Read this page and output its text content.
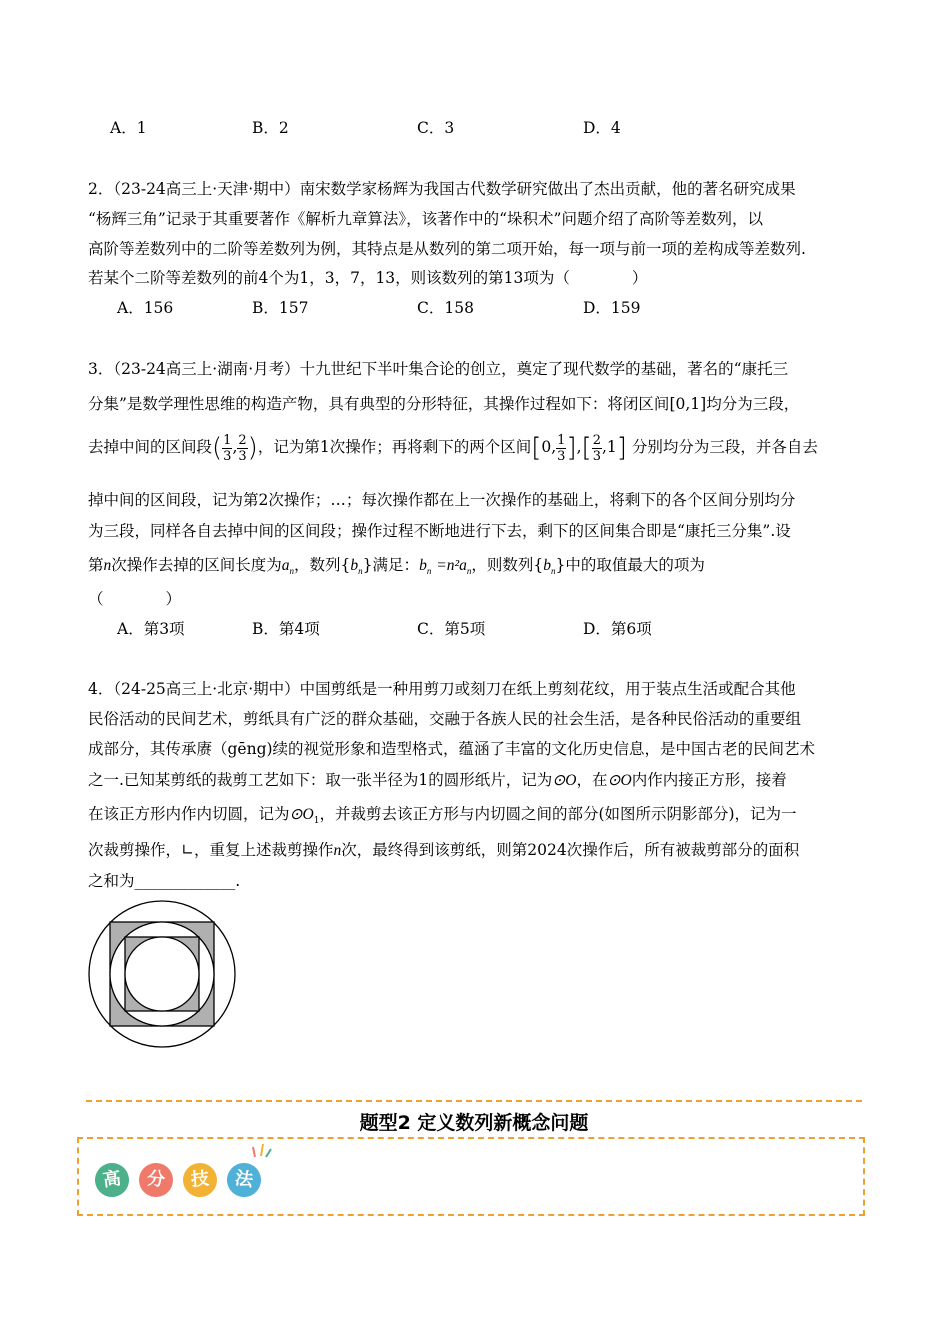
A．1	B．2	C．3	D．4
2．（23-24高三上·天津·期中）南宋数学家杨辉为我国古代数学研究做出了杰出贡献，他的著名研究成果
“杨辉三角”记录于其重要著作《解析九章算法》，该著作中的“垛积术”问题介绍了高阶等差数列，以
高阶等差数列中的二阶等差数列为例，其特点是从数列的第二项开始，每一项与前一项的差构成等差数列.
若某个二阶等差数列的前4个为1，3，7，13，则该数列的第13项为（　　　　）
A．156	B．157	C．158	D．159
3．（23-24高三上·湖南·月考）十九世纪下半叶集合论的创立，奠定了现代数学的基础，著名的“康托三
分集”是数学理性思维的构造产物，具有典型的分形特征，其操作过程如下：将闭区间[0,1]均分为三段，
去掉中间的区间段( $\frac{1}{3}$ , $\frac{2}{3}$ )，记为第1次操作；再将剩下的两个区间[0, $\frac{1}{3}$ ],[ $\frac{2}{3} ,1$] 分别均分为三段，并各自去
掉中间的区间段，记为第2次操作；…；每次操作都在上一次操作的基础上，将剩下的各个区间分别均分
为三段，同样各自去掉中间的区间段；操作过程不断地进行下去，剩下的区间集合即是“康托三分集”.设
第n次操作去掉的区间长度为$a_n$，数列$\{b_n\}$满足：$b_n =n^2a_n$，则数列$\{b_n\}$中的取值最大的项为
（　　　　）
A．第3项	B．第4项	C．第5项	D．第6项
4．（24-25高三上·北京·期中）中国剪纸是一种用剪刀或刻刀在纸上剪刻花纹，用于装点生活或配合其他
民俗活动的民间艺术，剪纸具有广泛的群众基础，交融于各族人民的社会生活，是各种民俗活动的重要组
成部分，其传承赓（gēng)续的视觉形象和造型格式，蕴涵了丰富的文化历史信息，是中国古老的民间艺术
之一.已知某剪纸的裁剪工艺如下：取一张半径为1的圆形纸片，记为⊙O，在⊙O内作内接正方形，接着
在该正方形内作内切圆，记为$⊙O_1$，并裁剪去该正方形与内切圆之间的部分(如图所示阴影部分)，记为一
次裁剪操作，∟，重复上述裁剪操作n次，最终得到该剪纸，则第2024次操作后，所有被裁剪部分的面积
之和为_____________.
题型2 定义数列新概念问题
高	分	技	法
